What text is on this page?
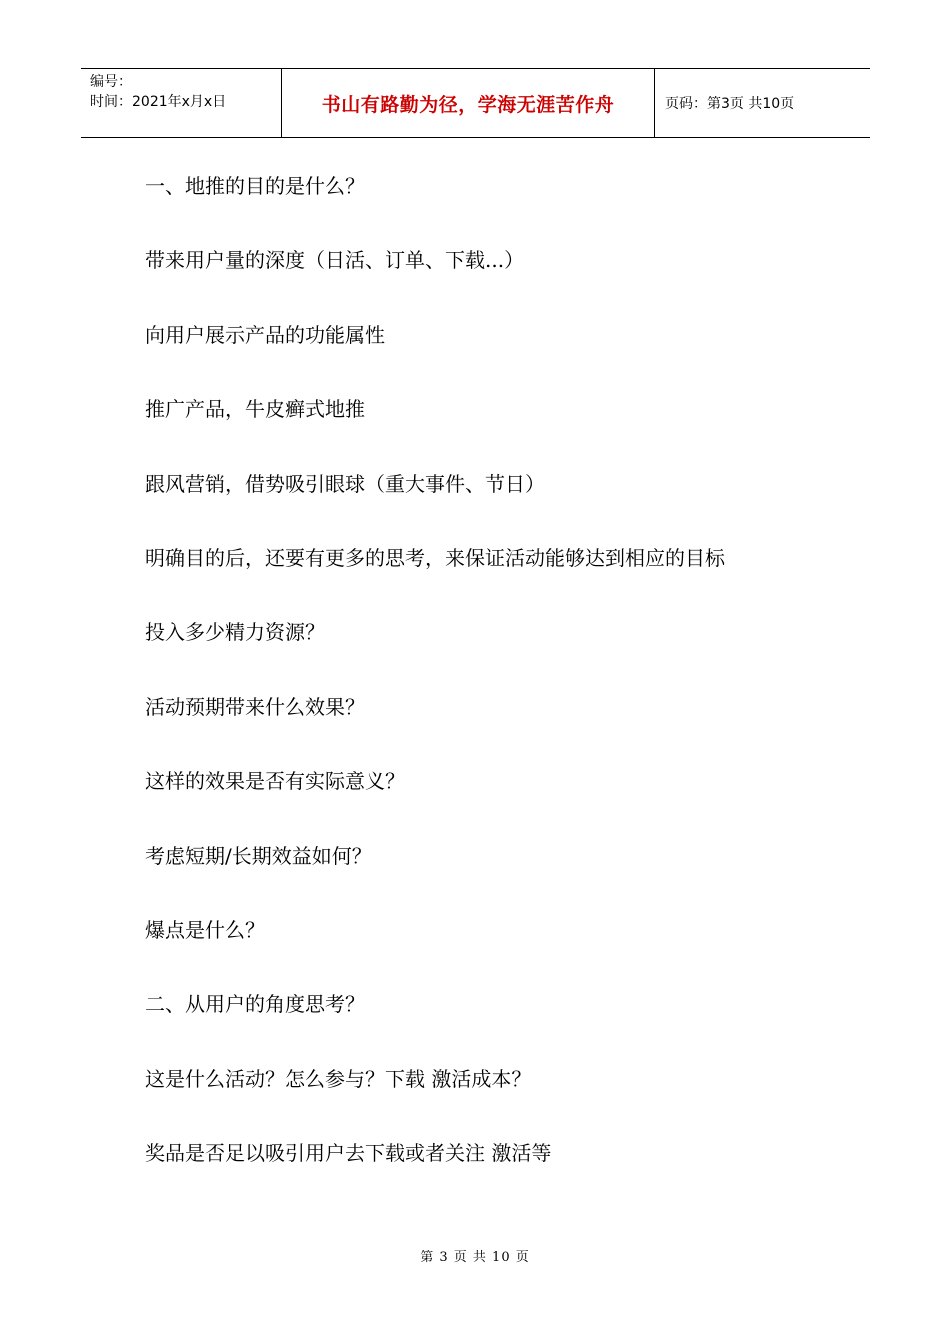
编号：
时间：2021年x月x日	书山有路勤为径，学海无涯苦作舟	页码：第3页 共10页
一、地推的目的是什么？
带来用户量的深度（日活、订单、下载...）
向用户展示产品的功能属性
推广产品，牛皮癣式地推
跟风营销，借势吸引眼球（重大事件、节日）
明确目的后，还要有更多的思考，来保证活动能够达到相应的目标
投入多少精力资源？
活动预期带来什么效果？
这样的效果是否有实际意义？
考虑短期/长期效益如何？
爆点是什么？
二、从用户的角度思考？
这是什么活动？怎么参与？下载 激活成本？
奖品是否足以吸引用户去下载或者关注 激活等
第 3 页 共 10 页
